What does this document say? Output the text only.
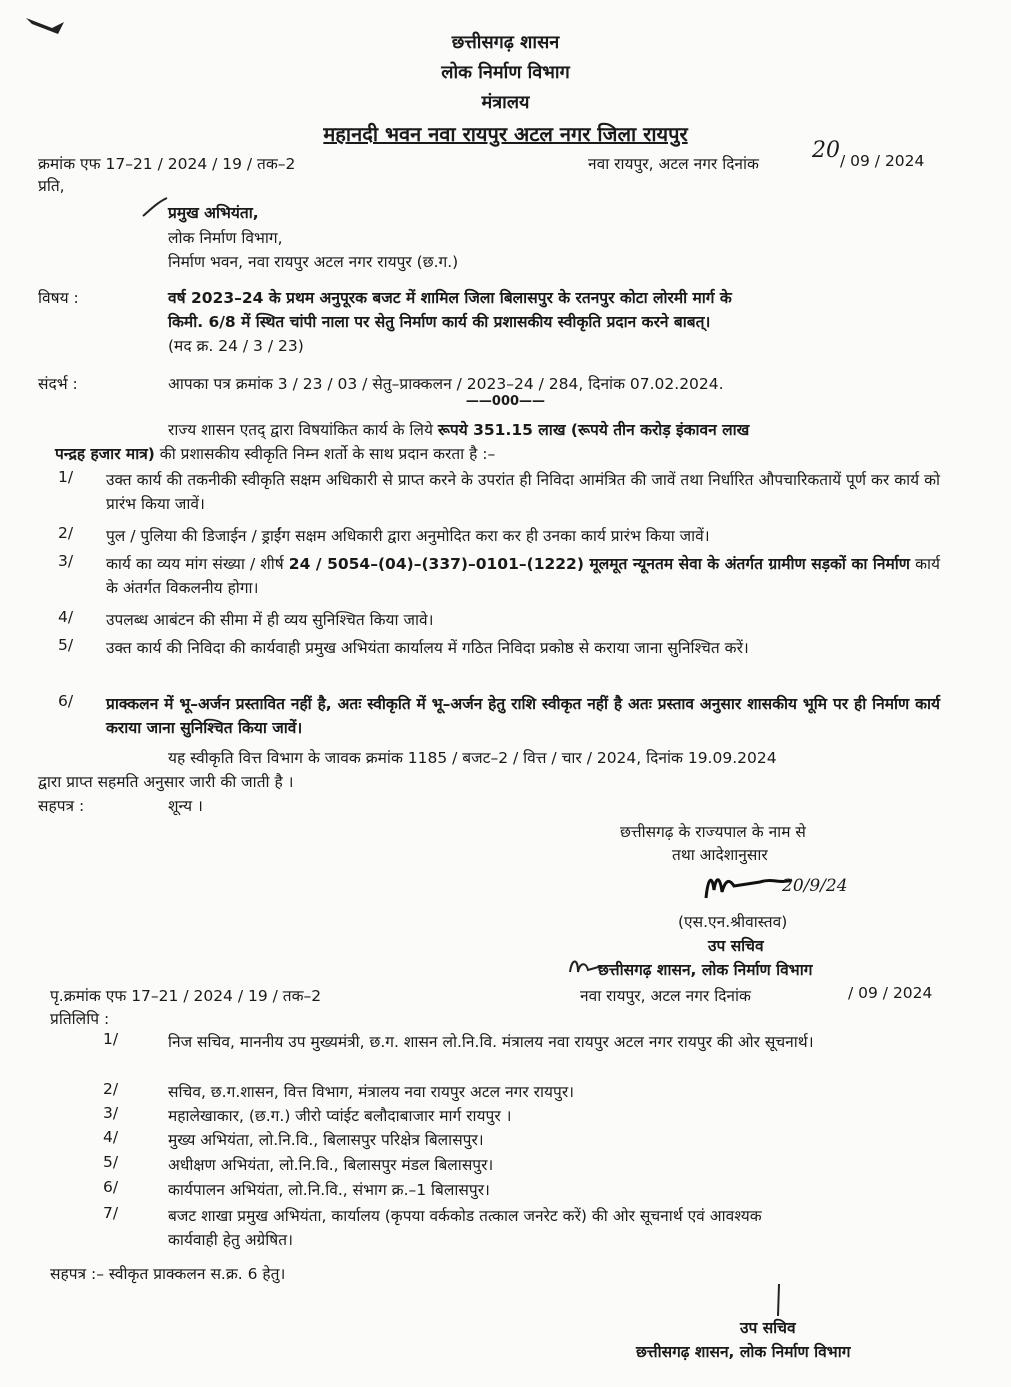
छत्तीसगढ़ शासन
लोक निर्माण विभाग
मंत्रालय
महानदी भवन नवा रायपुर अटल नगर जिला रायपुर
क्रमांक एफ 17–21 / 2024 / 19 / तक–2	नवा रायपुर, अटल नगर दिनांक
20 / 09 / 2024
प्रति,
प्रमुख अभियंता,
लोक निर्माण विभाग,
निर्माण भवन, नवा रायपुर अटल नगर रायपुर (छ.ग.)
विषय :	वर्ष 2023–24 के प्रथम अनुपूरक बजट में शामिल जिला बिलासपुर के रतनपुर कोटा लोरमी मार्ग के
किमी. 6/8 में स्थित चांपी नाला पर सेतु निर्माण कार्य की प्रशासकीय स्वीकृति प्रदान करने बाबत्।
(मद क्र. 24 / 3 / 23)
संदर्भ :	आपका पत्र क्रमांक 3 / 23 / 03 / सेतु–प्राक्कलन / 2023–24 / 284, दिनांक 07.02.2024.
——000——
राज्य शासन एतद् द्वारा विषयांकित कार्य के लिये रूपये 351.15 लाख (रूपये तीन करोड़ इंकावन लाख
पन्द्रह हजार मात्र) की प्रशासकीय स्वीकृति निम्न शर्तो के साथ प्रदान करता है :–
1/ उक्त कार्य की तकनीकी स्वीकृति सक्षम अधिकारी से प्राप्त करने के उपरांत ही निविदा आमंत्रित की जावें तथा निर्धारित औपचारिकतायें पूर्ण कर कार्य को प्रारंभ किया जावें।
2/ पुल / पुलिया की डिजाईन / ड्राईंग सक्षम अधिकारी द्वारा अनुमोदित करा कर ही उनका कार्य प्रारंभ किया जावें।
3/ कार्य का व्यय मांग संख्या / शीर्ष 24 / 5054–(04)–(337)–0101–(1222) मूलमूत न्यूनतम सेवा के अंतर्गत ग्रामीण सड़कों का निर्माण कार्य के अंतर्गत विकलनीय होगा।
4/ उपलब्ध आबंटन की सीमा में ही व्यय सुनिश्चित किया जावे।
5/ उक्त कार्य की निविदा की कार्यवाही प्रमुख अभियंता कार्यालय में गठित निविदा प्रकोष्ठ से कराया जाना सुनिश्चित करें।
6/ प्राक्कलन में भू–अर्जन प्रस्तावित नहीं है, अतः स्वीकृति में भू–अर्जन हेतु राशि स्वीकृत नहीं है अतः प्रस्ताव अनुसार शासकीय भूमि पर ही निर्माण कार्य कराया जाना सुनिश्चित किया जावें।
यह स्वीकृति वित्त विभाग के जावक क्रमांक 1185 / बजट–2 / वित्त / चार / 2024, दिनांक 19.09.2024
द्वारा प्राप्त सहमति अनुसार जारी की जाती है ।
सहपत्र :	शून्य ।
छत्तीसगढ़ के राज्यपाल के नाम से
तथा आदेशानुसार
20/9/24
(एस.एन.श्रीवास्तव)
उप सचिव
छत्तीसगढ़ शासन, लोक निर्माण विभाग
पृ.क्रमांक एफ 17–21 / 2024 / 19 / तक–2	नवा रायपुर, अटल नगर दिनांक	/ 09 / 2024
प्रतिलिपि :
1/	निज सचिव, माननीय उप मुख्यमंत्री, छ.ग. शासन लो.नि.वि. मंत्रालय नवा रायपुर अटल नगर रायपुर की ओर सूचनार्थ।
2/	सचिव, छ.ग.शासन, वित्त विभाग, मंत्रालय नवा रायपुर अटल नगर रायपुर।
3/	महालेखाकार, (छ.ग.) जीरो प्वांईट बलौदाबाजार मार्ग रायपुर ।
4/	मुख्य अभियंता, लो.नि.वि., बिलासपुर परिक्षेत्र बिलासपुर।
5/	अधीक्षण अभियंता, लो.नि.वि., बिलासपुर मंडल बिलासपुर।
6/	कार्यपालन अभियंता, लो.नि.वि., संभाग क्र.–1 बिलासपुर।
7/	बजट शाखा प्रमुख अभियंता, कार्यालय (कृपया वर्ककोड तत्काल जनरेट करें) की ओर सूचनार्थ एवं आवश्यक कार्यवाही हेतु अग्रेषित।
सहपत्र :– स्वीकृत प्राक्कलन स.क्र. 6 हेतु।
उप सचिव
छत्तीसगढ़ शासन, लोक निर्माण विभाग
